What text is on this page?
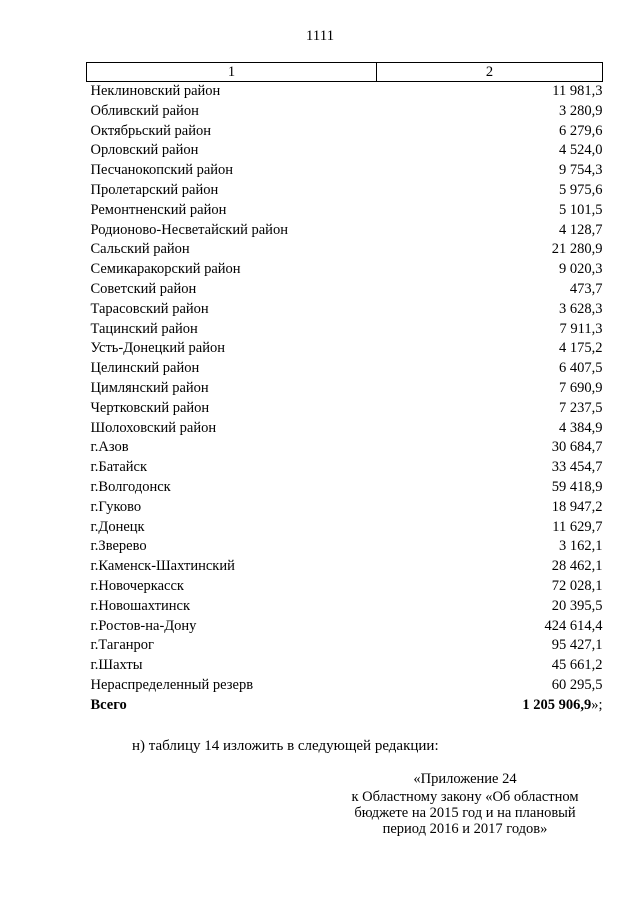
1111
1	2
Неклиновский район	11 981,3
Обливский район	3 280,9
Октябрьский район	6 279,6
Орловский район	4 524,0
Песчанокопский район	9 754,3
Пролетарский район	5 975,6
Ремонтненский район	5 101,5
Родионово-Несветайский район	4 128,7
Сальский район	21 280,9
Семикаракорский район	9 020,3
Советский район	473,7
Тарасовский район	3 628,3
Тацинский район	7 911,3
Усть-Донецкий район	4 175,2
Целинский район	6 407,5
Цимлянский район	7 690,9
Чертковский район	7 237,5
Шолоховский район	4 384,9
г.Азов	30 684,7
г.Батайск	33 454,7
г.Волгодонск	59 418,9
г.Гуково	18 947,2
г.Донецк	11 629,7
г.Зверево	3 162,1
г.Каменск-Шахтинский	28 462,1
г.Новочеркасск	72 028,1
г.Новошахтинск	20 395,5
г.Ростов-на-Дону	424 614,4
г.Таганрог	95 427,1
г.Шахты	45 661,2
Нераспределенный резерв	60 295,5
Всего	1 205 906,9»;
н) таблицу 14 изложить в следующей редакции:
«Приложение 24
к Областному закону «Об областном бюджете на 2015 год и на плановый период 2016 и 2017 годов»
